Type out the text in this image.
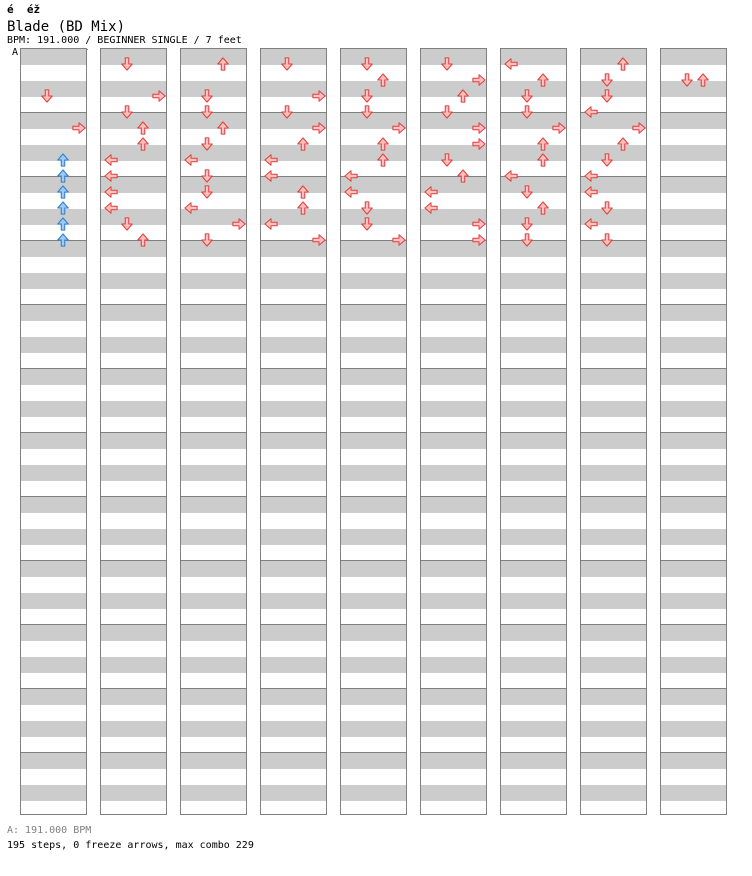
é  éž
Blade (BD Mix)
BPM: 191.000 / BEGINNER SINGLE / 7 feet
A
A: 191.000 BPM
195 steps, 0 freeze arrows, max combo 229
